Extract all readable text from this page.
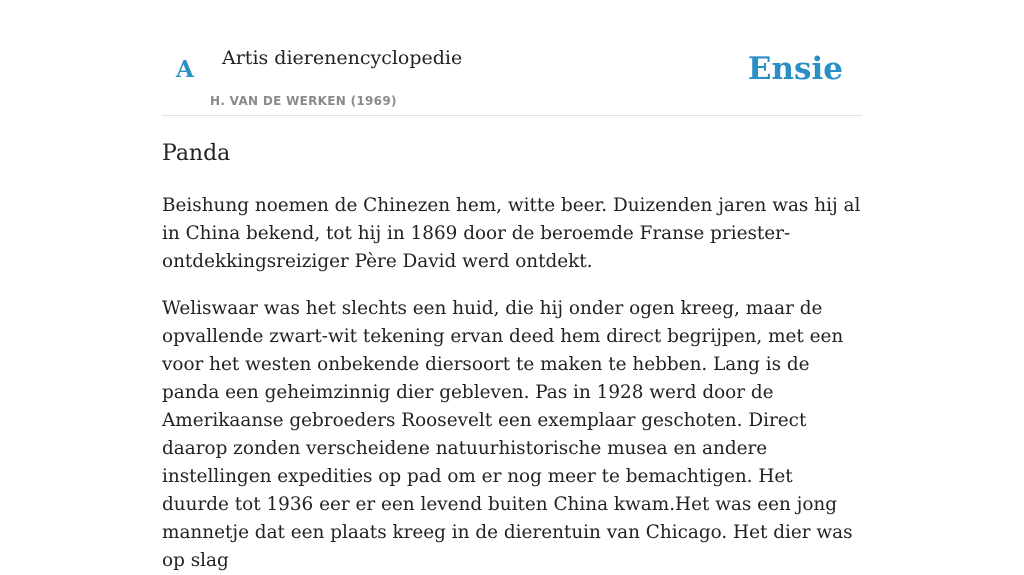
A Artis dierenencyclopedie
H. VAN DE WERKEN (1969)
Ensie
Panda

Beishung noemen de Chinezen hem, witte beer. Duizenden jaren was hij al in China bekend, tot hij in 1869 door de beroemde Franse priester-ontdekkingsreiziger Père David werd ontdekt.

Weliswaar was het slechts een huid, die hij onder ogen kreeg, maar de opvallende zwart-wit tekening ervan deed hem direct begrijpen, met een voor het westen onbekende diersoort te maken te hebben. Lang is de panda een geheimzinnig dier gebleven. Pas in 1928 werd door de Amerikaanse gebroeders Roosevelt een exemplaar geschoten. Direct daarop zonden verscheidene natuurhistorische musea en andere instellingen expedities op pad om er nog meer te bemachtigen. Het duurde tot 1936 eer er een levend buiten China kwam.Het was een jong mannetje dat een plaats kreeg in de dierentuin van Chicago. Het dier was op slag
